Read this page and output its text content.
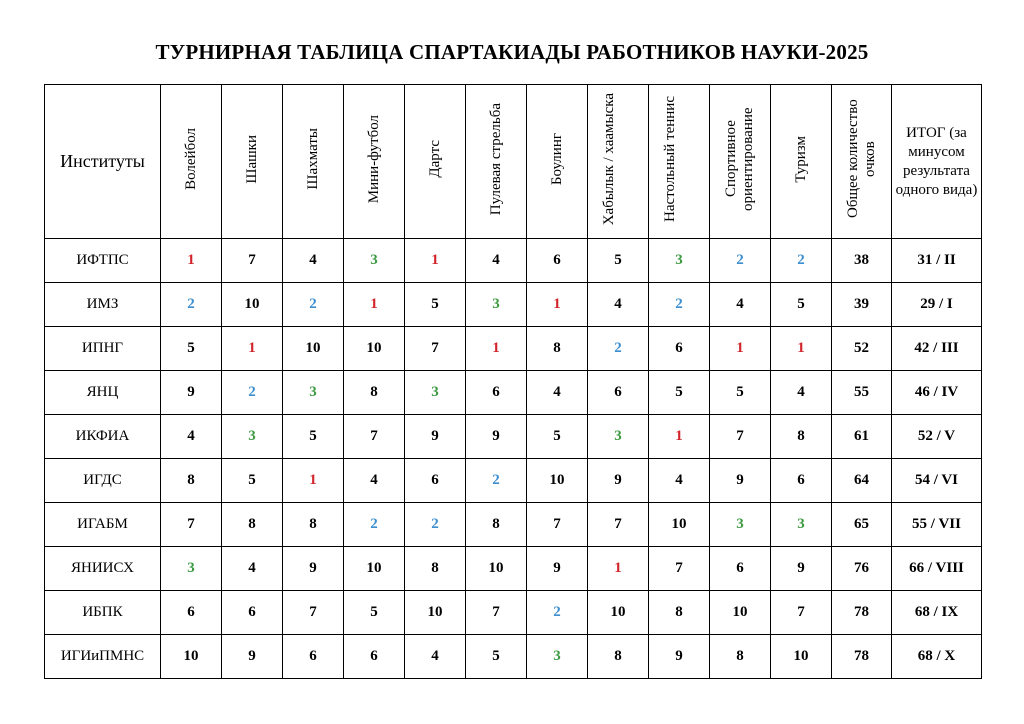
ТУРНИРНАЯ ТАБЛИЦА СПАРТАКИАДЫ РАБОТНИКОВ НАУКИ-2025
Институты	Волейбол	Шашки	Шахматы	Мини-футбол	Дартс	Пулевая стрельба	Боулинг	Хабылык / хаамыска	Настольный теннис	Спортивное ориентирование	Туризм	Общее количество очков	ИТОГ (за минусом результата одного вида)
ИФТПС	1	7	4	3	1	4	6	5	3	2	2	38	31 / II
ИМЗ	2	10	2	1	5	3	1	4	2	4	5	39	29 / I
ИПНГ	5	1	10	10	7	1	8	2	6	1	1	52	42 / III
ЯНЦ	9	2	3	8	3	6	4	6	5	5	4	55	46 / IV
ИКФИА	4	3	5	7	9	9	5	3	1	7	8	61	52 / V
ИГДС	8	5	1	4	6	2	10	9	4	9	6	64	54 / VI
ИГАБМ	7	8	8	2	2	8	7	7	10	3	3	65	55 / VII
ЯНИИСХ	3	4	9	10	8	10	9	1	7	6	9	76	66 / VIII
ИБПК	6	6	7	5	10	7	2	10	8	10	7	78	68 / IX
ИГИиПМНС	10	9	6	6	4	5	3	8	9	8	10	78	68 / X
